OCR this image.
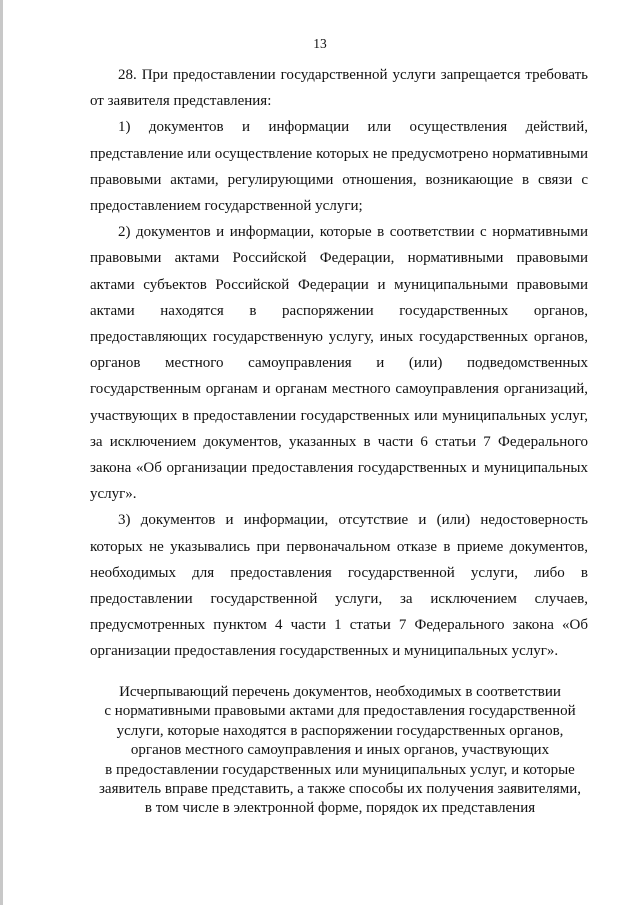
13

28. При предоставлении государственной услуги запрещается требовать от заявителя представления:

1) документов и информации или осуществления действий, представление или осуществление которых не предусмотрено нормативными правовыми актами, регулирующими отношения, возникающие в связи с предоставлением государственной услуги;

2) документов и информации, которые в соответствии с нормативными правовыми актами Российской Федерации, нормативными правовыми актами субъектов Российской Федерации и муниципальными правовыми актами находятся в распоряжении государственных органов, предоставляющих государственную услугу, иных государственных органов, органов местного самоуправления и (или) подведомственных государственным органам и органам местного самоуправления организаций, участвующих в предоставлении государственных или муниципальных услуг, за исключением документов, указанных в части 6 статьи 7 Федерального закона «Об организации предоставления государственных и муниципальных услуг».

3) документов и информации, отсутствие и (или) недостоверность которых не указывались при первоначальном отказе в приеме документов, необходимых для предоставления государственной услуги, либо в предоставлении государственной услуги, за исключением случаев, предусмотренных пунктом 4 части 1 статьи 7 Федерального закона «Об организации предоставления государственных и муниципальных услуг».

Исчерпывающий перечень документов, необходимых в соответствии
с нормативными правовыми актами для предоставления государственной
услуги, которые находятся в распоряжении государственных органов,
органов местного самоуправления и иных органов, участвующих
в предоставлении государственных или муниципальных услуг, и которые
заявитель вправе представить, а также способы их получения заявителями,
в том числе в электронной форме, порядок их представления
